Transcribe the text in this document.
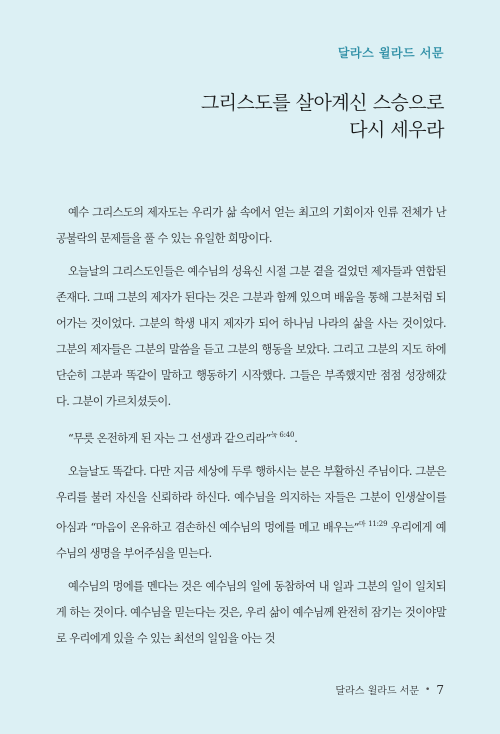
달라스 윌라드 서문
그리스도를 살아계신 스승으로
다시 세우라

예수 그리스도의 제자도는 우리가 삶 속에서 얻는 최고의 기회이자 인류 전체가 난공불락의 문제들을 풀 수 있는 유일한 희망이다.

오늘날의 그리스도인들은 예수님의 성육신 시절 그분 곁을 걸었던 제자들과 연합된 존재다. 그때 그분의 제자가 된다는 것은 그분과 함께 있으며 배움을 통해 그분처럼 되어가는 것이었다. 그분의 학생 내지 제자가 되어 하나님 나라의 삶을 사는 것이었다. 그분의 제자들은 그분의 말씀을 듣고 그분의 행동을 보았다. 그리고 그분의 지도 하에 단순히 그분과 똑같이 말하고 행동하기 시작했다. 그들은 부족했지만 점점 성장해갔다. 그분이 가르치셨듯이.

“무릇 온전하게 된 자는 그 선생과 같으리라”$^{눅 6:40}$.

오늘날도 똑같다. 다만 지금 세상에 두루 행하시는 분은 부활하신 주님이다. 그분은 우리를 불러 자신을 신뢰하라 하신다. 예수님을 의지하는 자들은 그분이 인생살이를 아심과 “마음이 온유하고 겸손하신 예수님의 멍에를 메고 배우는”$^{마 11:29}$ 우리에게 예수님의 생명을 부어주심을 믿는다.

예수님의 멍에를 멘다는 것은 예수님의 일에 동참하여 내 일과 그분의 일이 일치되게 하는 것이다. 예수님을 믿는다는 것은, 우리 삶이 예수님께 완전히 잠기는 것이야말로 우리에게 있을 수 있는 최선의 일임을 아는 것

달라스 윌라드 서문 • 7
